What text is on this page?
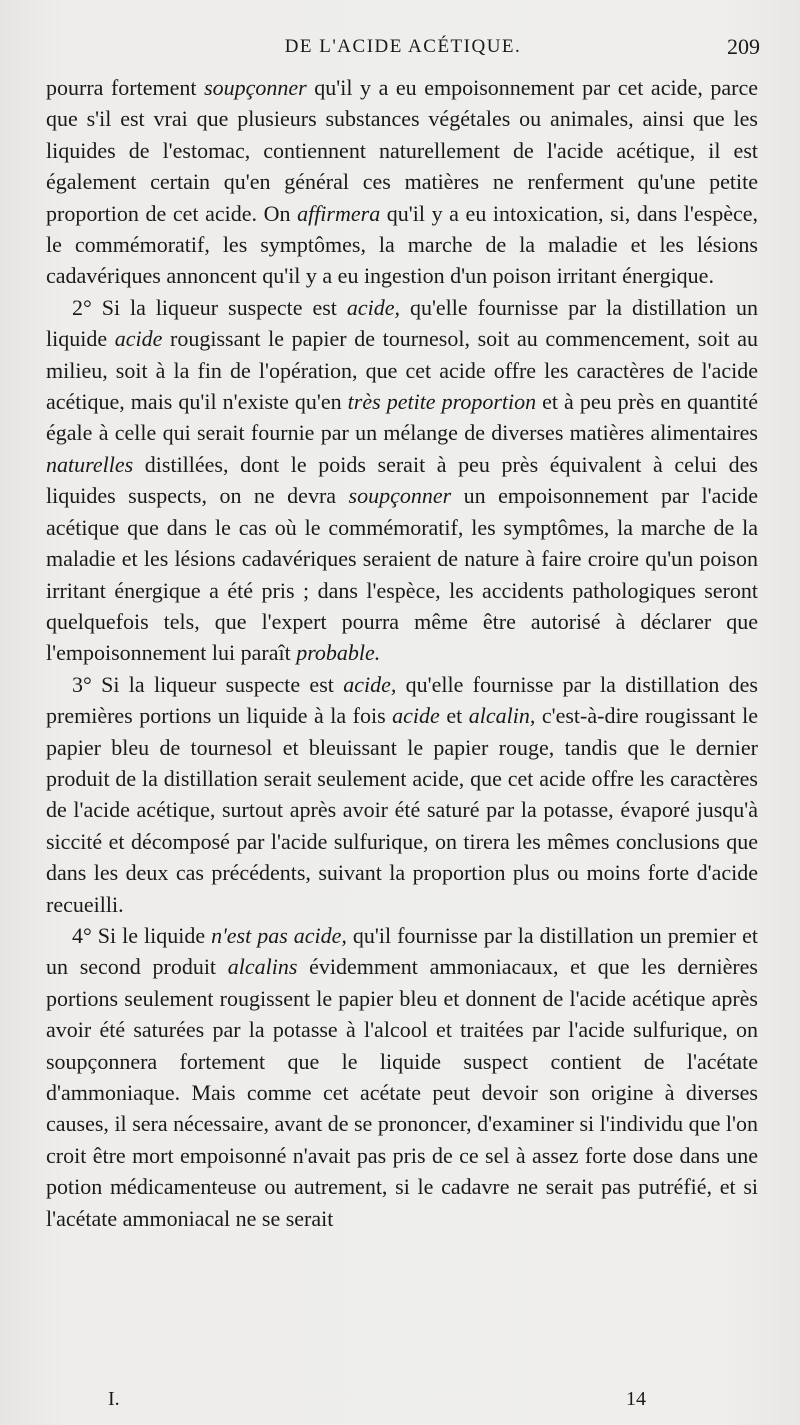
DE L'ACIDE ACÉTIQUE.	209

pourra fortement soupçonner qu'il y a eu empoisonnement par cet acide, parce que s'il est vrai que plusieurs substances végétales ou animales, ainsi que les liquides de l'estomac, contiennent naturellement de l'acide acétique, il est également certain qu'en général ces matières ne renferment qu'une petite proportion de cet acide. On affirmera qu'il y a eu intoxication, si, dans l'espèce, le commémoratif, les symptômes, la marche de la maladie et les lésions cadavériques annoncent qu'il y a eu ingestion d'un poison irritant énergique.

2° Si la liqueur suspecte est acide, qu'elle fournisse par la distillation un liquide acide rougissant le papier de tournesol, soit au commencement, soit au milieu, soit à la fin de l'opération, que cet acide offre les caractères de l'acide acétique, mais qu'il n'existe qu'en très petite proportion et à peu près en quantité égale à celle qui serait fournie par un mélange de diverses matières alimentaires naturelles distillées, dont le poids serait à peu près équivalent à celui des liquides suspects, on ne devra soupçonner un empoisonnement par l'acide acétique que dans le cas où le commémoratif, les symptômes, la marche de la maladie et les lésions cadavériques seraient de nature à faire croire qu'un poison irritant énergique a été pris ; dans l'espèce, les accidents pathologiques seront quelquefois tels, que l'expert pourra même être autorisé à déclarer que l'empoisonnement lui paraît probable.

3° Si la liqueur suspecte est acide, qu'elle fournisse par la distillation des premières portions un liquide à la fois acide et alcalin, c'est-à-dire rougissant le papier bleu de tournesol et bleuissant le papier rouge, tandis que le dernier produit de la distillation serait seulement acide, que cet acide offre les caractères de l'acide acétique, surtout après avoir été saturé par la potasse, évaporé jusqu'à siccité et décomposé par l'acide sulfurique, on tirera les mêmes conclusions que dans les deux cas précédents, suivant la proportion plus ou moins forte d'acide recueilli.

4° Si le liquide n'est pas acide, qu'il fournisse par la distillation un premier et un second produit alcalins évidemment ammoniacaux, et que les dernières portions seulement rougissent le papier bleu et donnent de l'acide acétique après avoir été saturées par la potasse à l'alcool et traitées par l'acide sulfurique, on soupçonnera fortement que le liquide suspect contient de l'acétate d'ammoniaque. Mais comme cet acétate peut devoir son origine à diverses causes, il sera nécessaire, avant de se prononcer, d'examiner si l'individu que l'on croit être mort empoisonné n'avait pas pris de ce sel à assez forte dose dans une potion médicamenteuse ou autrement, si le cadavre ne serait pas putréfié, et si l'acétate ammoniacal ne se serait

I.	14
